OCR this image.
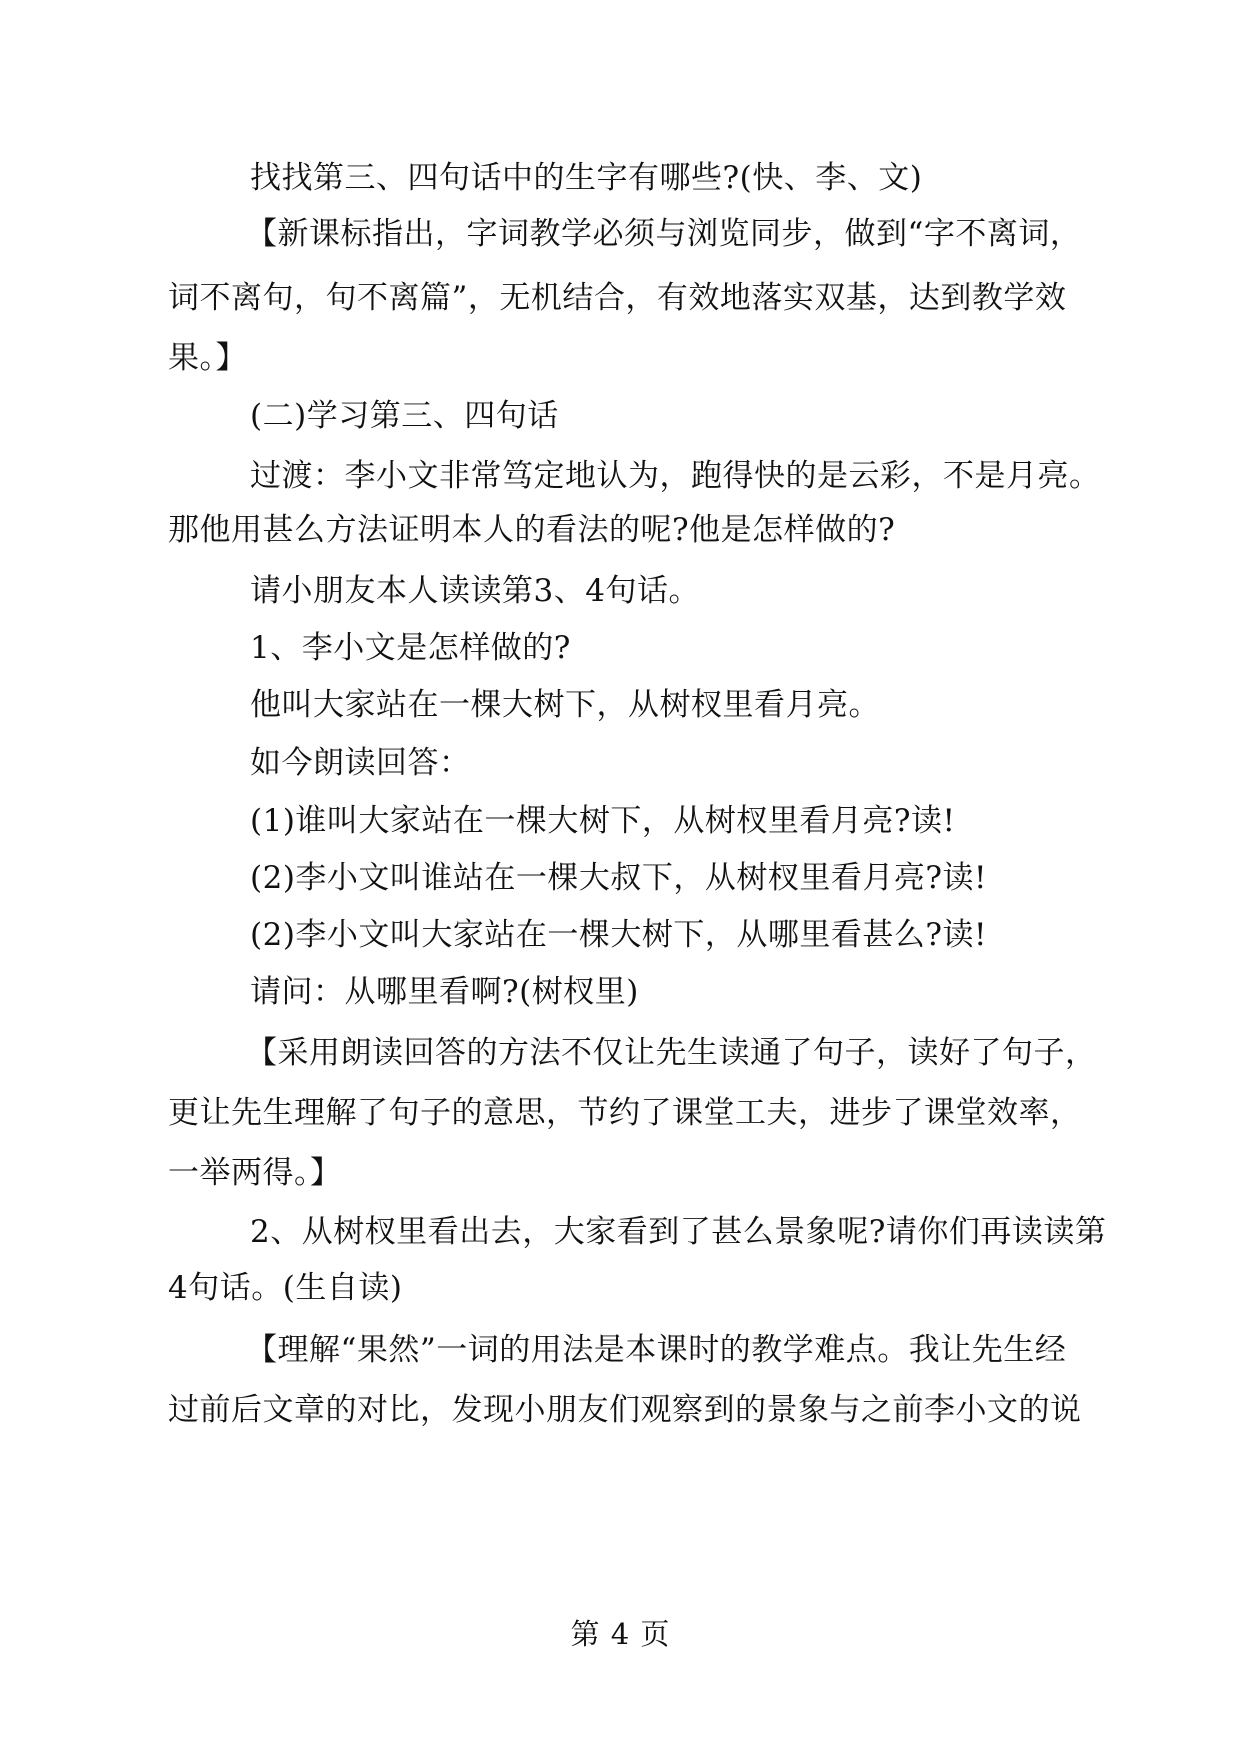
找找第三、四句话中的生字有哪些?(快、李、文)
【新课标指出，字词教学必须与浏览同步，做到“字不离词，
词不离句，句不离篇”，无机结合，有效地落实双基，达到教学效
果。】
(二)学习第三、四句话
过渡：李小文非常笃定地认为，跑得快的是云彩，不是月亮。
那他用甚么方法证明本人的看法的呢?他是怎样做的?
请小朋友本人读读第3、4句话。
1、李小文是怎样做的?
他叫大家站在一棵大树下，从树杈里看月亮。
如今朗读回答：
(1)谁叫大家站在一棵大树下，从树杈里看月亮?读!
(2)李小文叫谁站在一棵大叔下，从树杈里看月亮?读!
(2)李小文叫大家站在一棵大树下，从哪里看甚么?读!
请问：从哪里看啊?(树杈里)
【采用朗读回答的方法不仅让先生读通了句子，读好了句子，
更让先生理解了句子的意思，节约了课堂工夫，进步了课堂效率，
一举两得。】
2、从树杈里看出去，大家看到了甚么景象呢?请你们再读读第
4句话。(生自读)
【理解“果然”一词的用法是本课时的教学难点。我让先生经
过前后文章的对比，发现小朋友们观察到的景象与之前李小文的说
第 4 页
